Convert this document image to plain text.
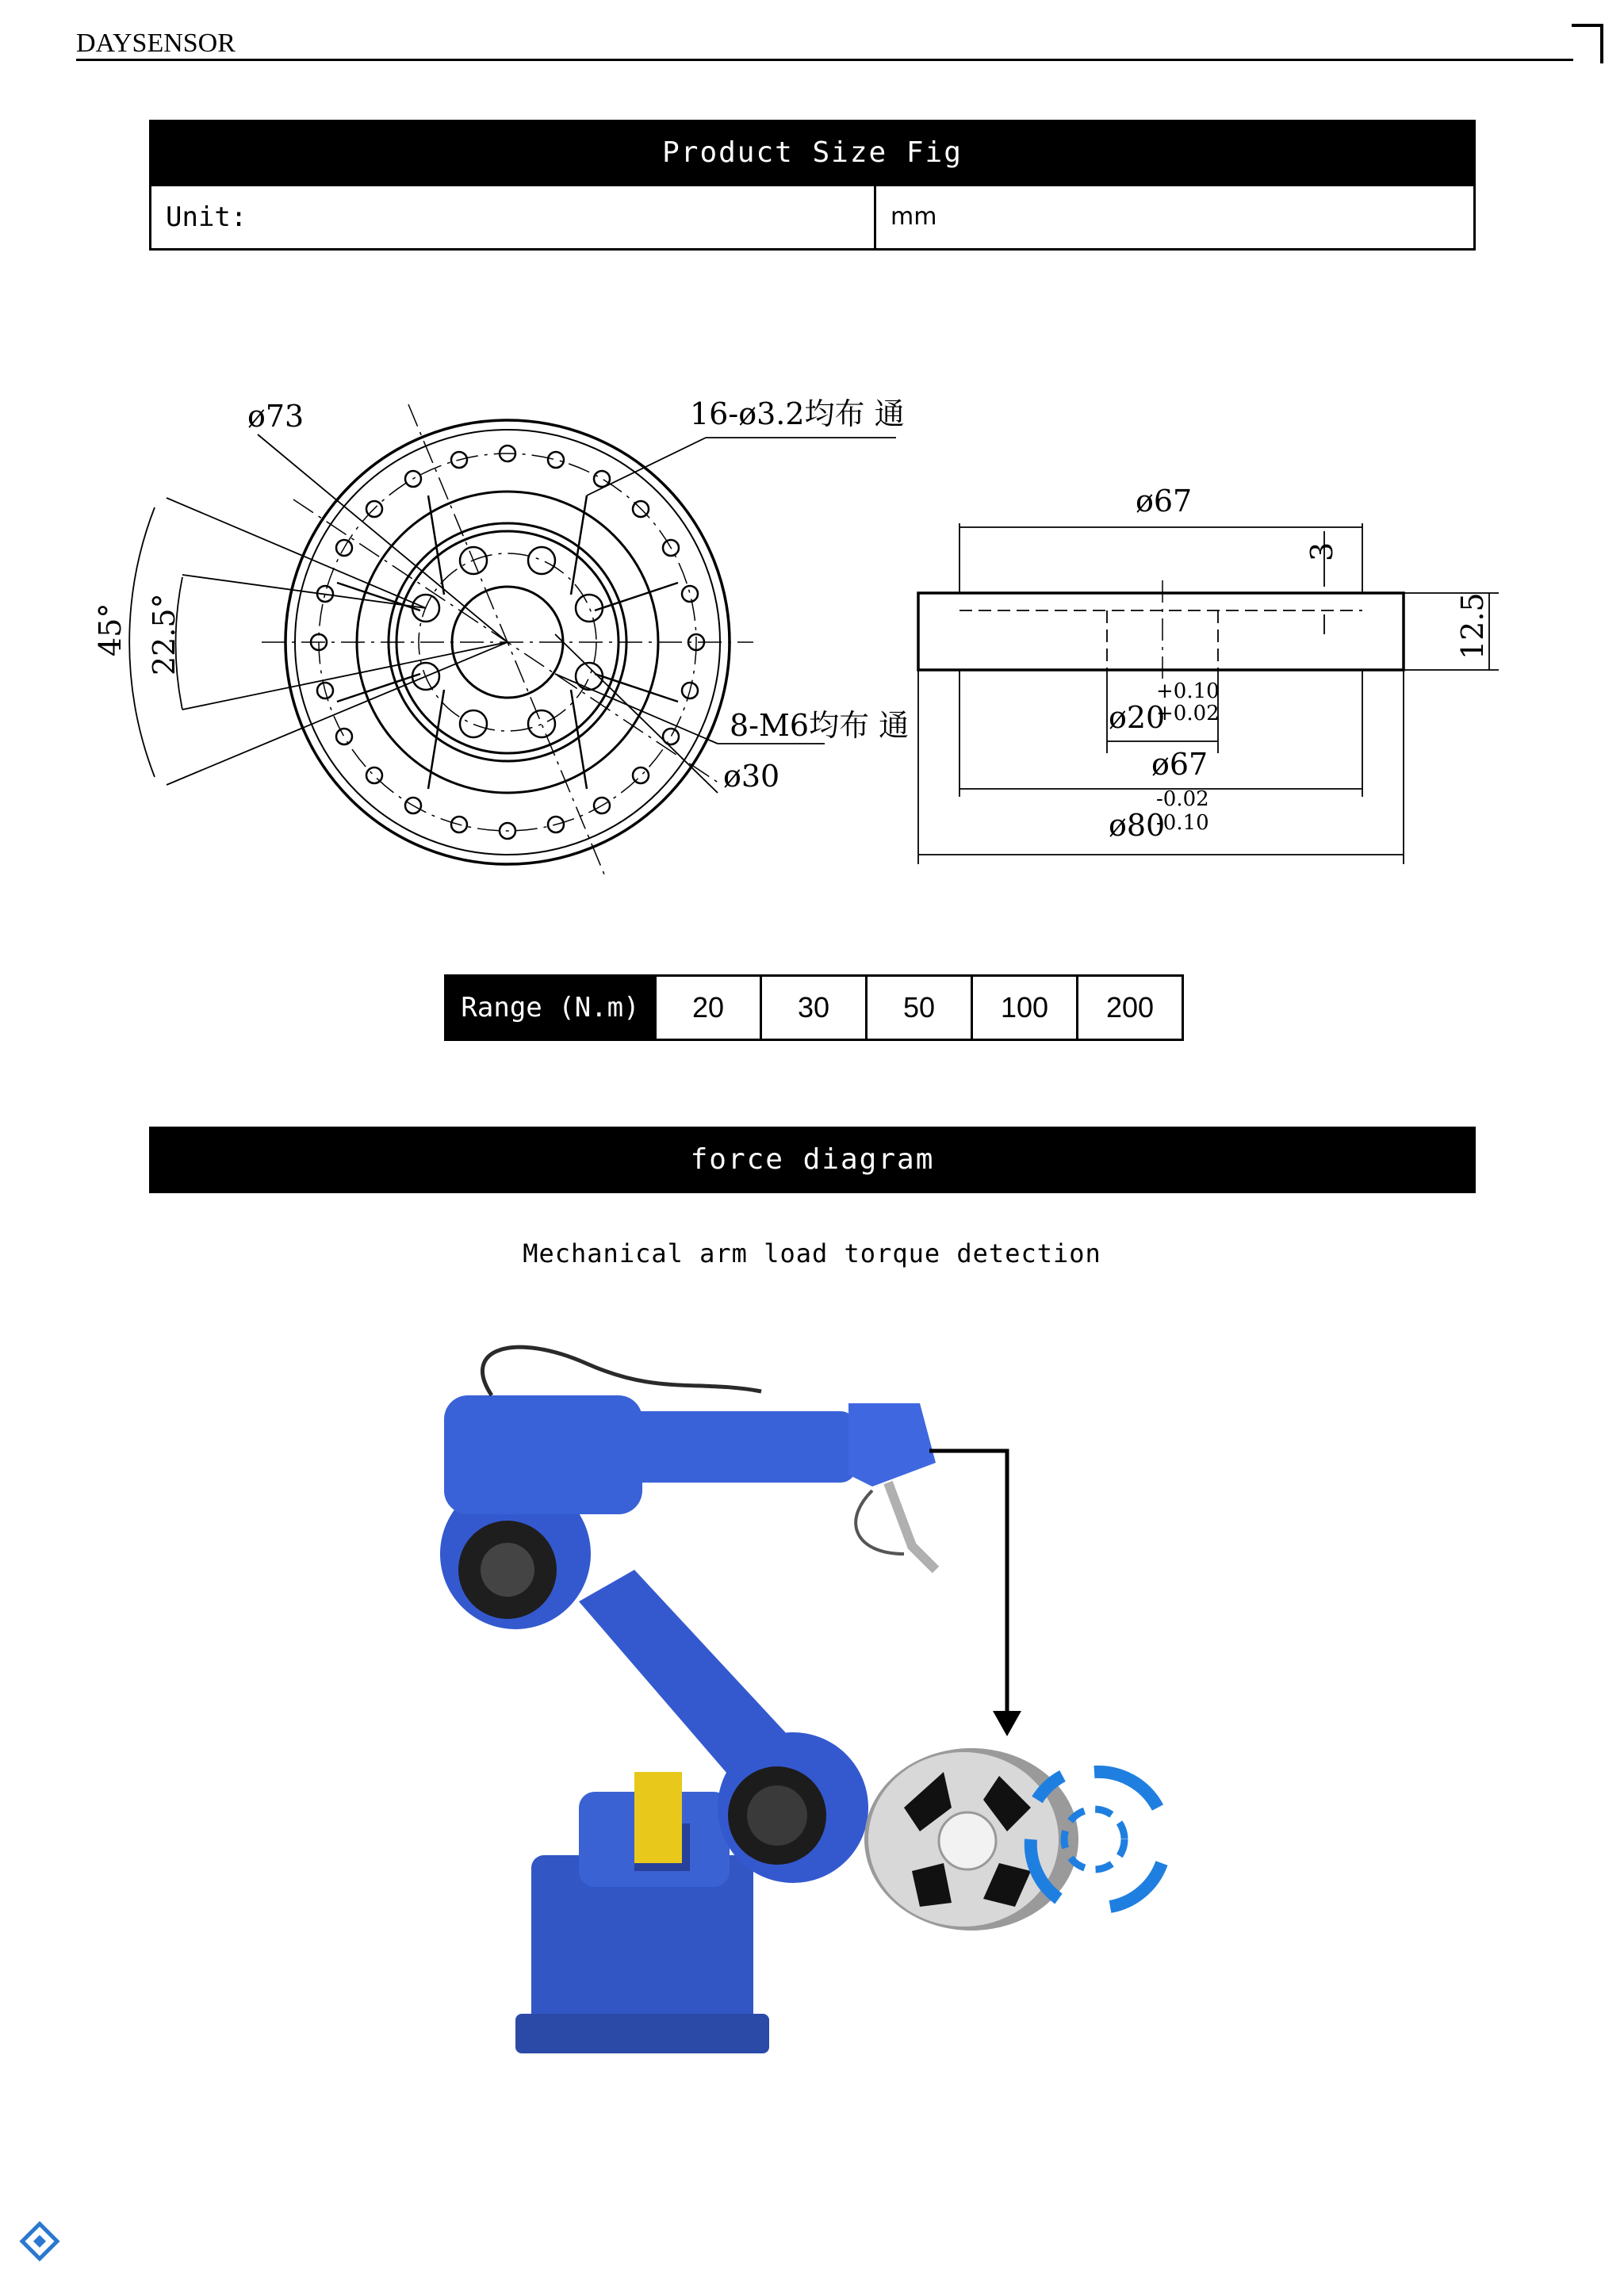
DAYSENSOR
Product Size Fig
Unit:	mm
ø73	16-ø3.2均布 通
8-M6均布 通
ø30
45° 22.5°
ø67
3
12.5
ø20
ø67
ø80
+0.10
+0.02
-0.02
-0.10
Range (N.m)	20	30	50	100	200
force diagram
Mechanical arm load torque detection
